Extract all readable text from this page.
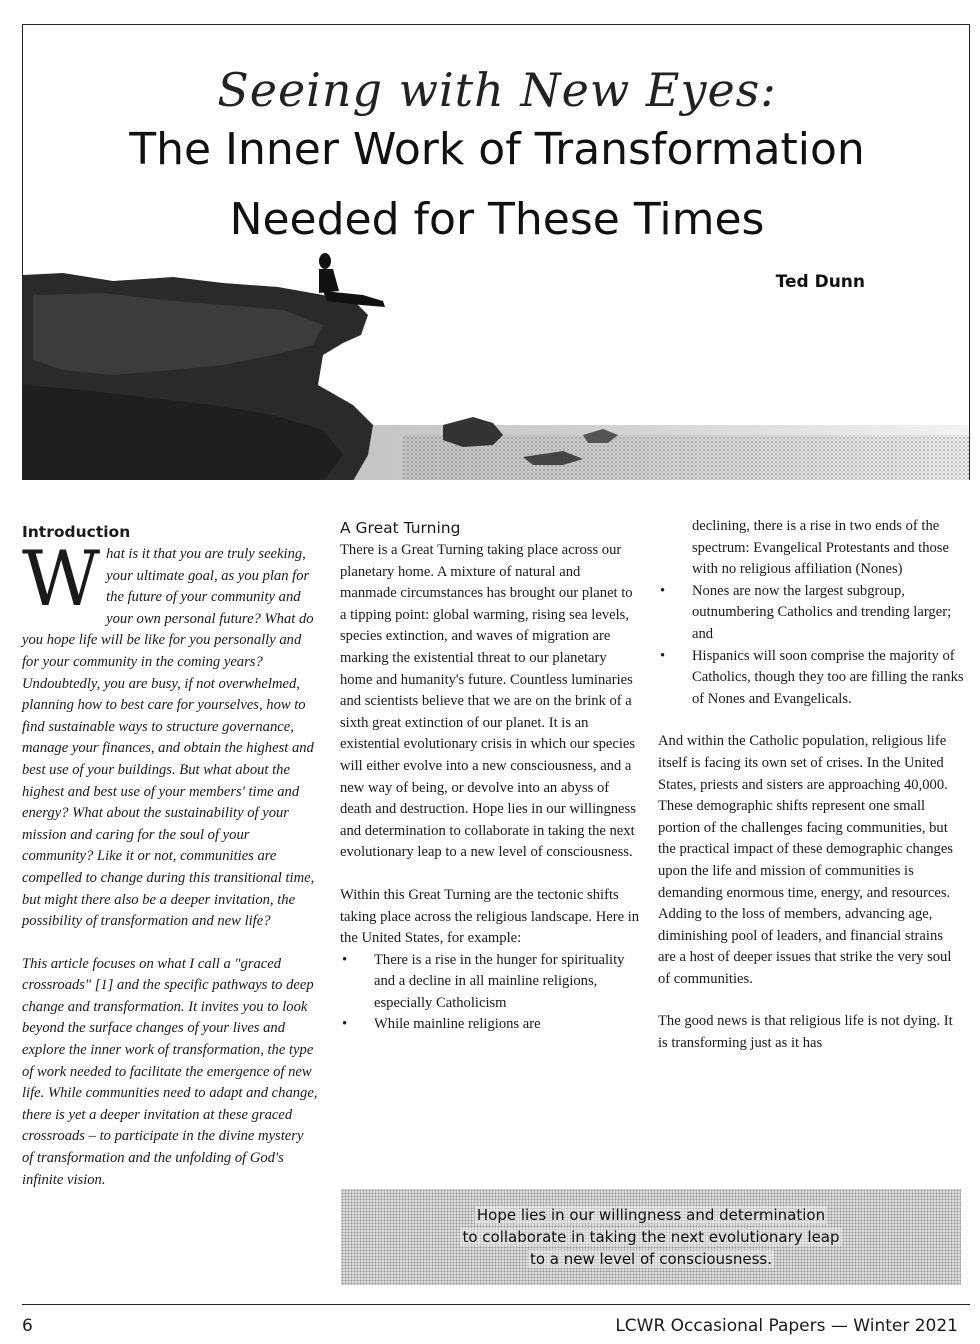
Seeing with New Eyes:
The Inner Work of Transformation
Needed for These Times
Ted Dunn
Introduction

What is it that you are truly seeking, your ultimate goal, as you plan for the future of your community and your own personal future? What do you hope life will be like for you personally and for your community in the coming years? Undoubtedly, you are busy, if not overwhelmed, planning how to best care for yourselves, how to find sustainable ways to structure governance, manage your finances, and obtain the highest and best use of your buildings. But what about the highest and best use of your members' time and energy? What about the sustainability of your mission and caring for the soul of your community? Like it or not, communities are compelled to change during this transitional time, but might there also be a deeper invitation, the possibility of transformation and new life?

This article focuses on what I call a "graced crossroads" [1] and the specific pathways to deep change and transformation. It invites you to look beyond the surface changes of your lives and explore the inner work of transformation, the type of work needed to facilitate the emergence of new life. While communities need to adapt and change, there is yet a deeper invitation at these graced crossroads – to participate in the divine mystery of transformation and the unfolding of God's infinite vision.

A Great Turning

There is a Great Turning taking place across our planetary home. A mixture of natural and manmade circumstances has brought our planet to a tipping point: global warming, rising sea levels, species extinction, and waves of migration are marking the existential threat to our planetary home and humanity's future. Countless luminaries and scientists believe that we are on the brink of a sixth great extinction of our planet. It is an existential evolutionary crisis in which our species will either evolve into a new consciousness, and a new way of being, or devolve into an abyss of death and destruction. Hope lies in our willingness and determination to collaborate in taking the next evolutionary leap to a new level of consciousness.

Within this Great Turning are the tectonic shifts taking place across the religious landscape. Here in the United States, for example:

• There is a rise in the hunger for spirituality and a decline in all mainline religions, especially Catholicism
• While mainline religions are
declining, there is a rise in two ends of the spectrum: Evangelical Protestants and those with no religious affiliation (Nones)
• Nones are now the largest subgroup, outnumbering Catholics and trending larger; and
• Hispanics will soon comprise the majority of Catholics, though they too are filling the ranks of Nones and Evangelicals.

And within the Catholic population, religious life itself is facing its own set of crises. In the United States, priests and sisters are approaching 40,000. These demographic shifts represent one small portion of the challenges facing communities, but the practical impact of these demographic changes upon the life and mission of communities is demanding enormous time, energy, and resources. Adding to the loss of members, advancing age, diminishing pool of leaders, and financial strains are a host of deeper issues that strike the very soul of communities.

The good news is that religious life is not dying. It is transforming just as it has

Hope lies in our willingness and determination
to collaborate in taking the next evolutionary leap
to a new level of consciousness.
6	LCWR Occasional Papers — Winter 2021
